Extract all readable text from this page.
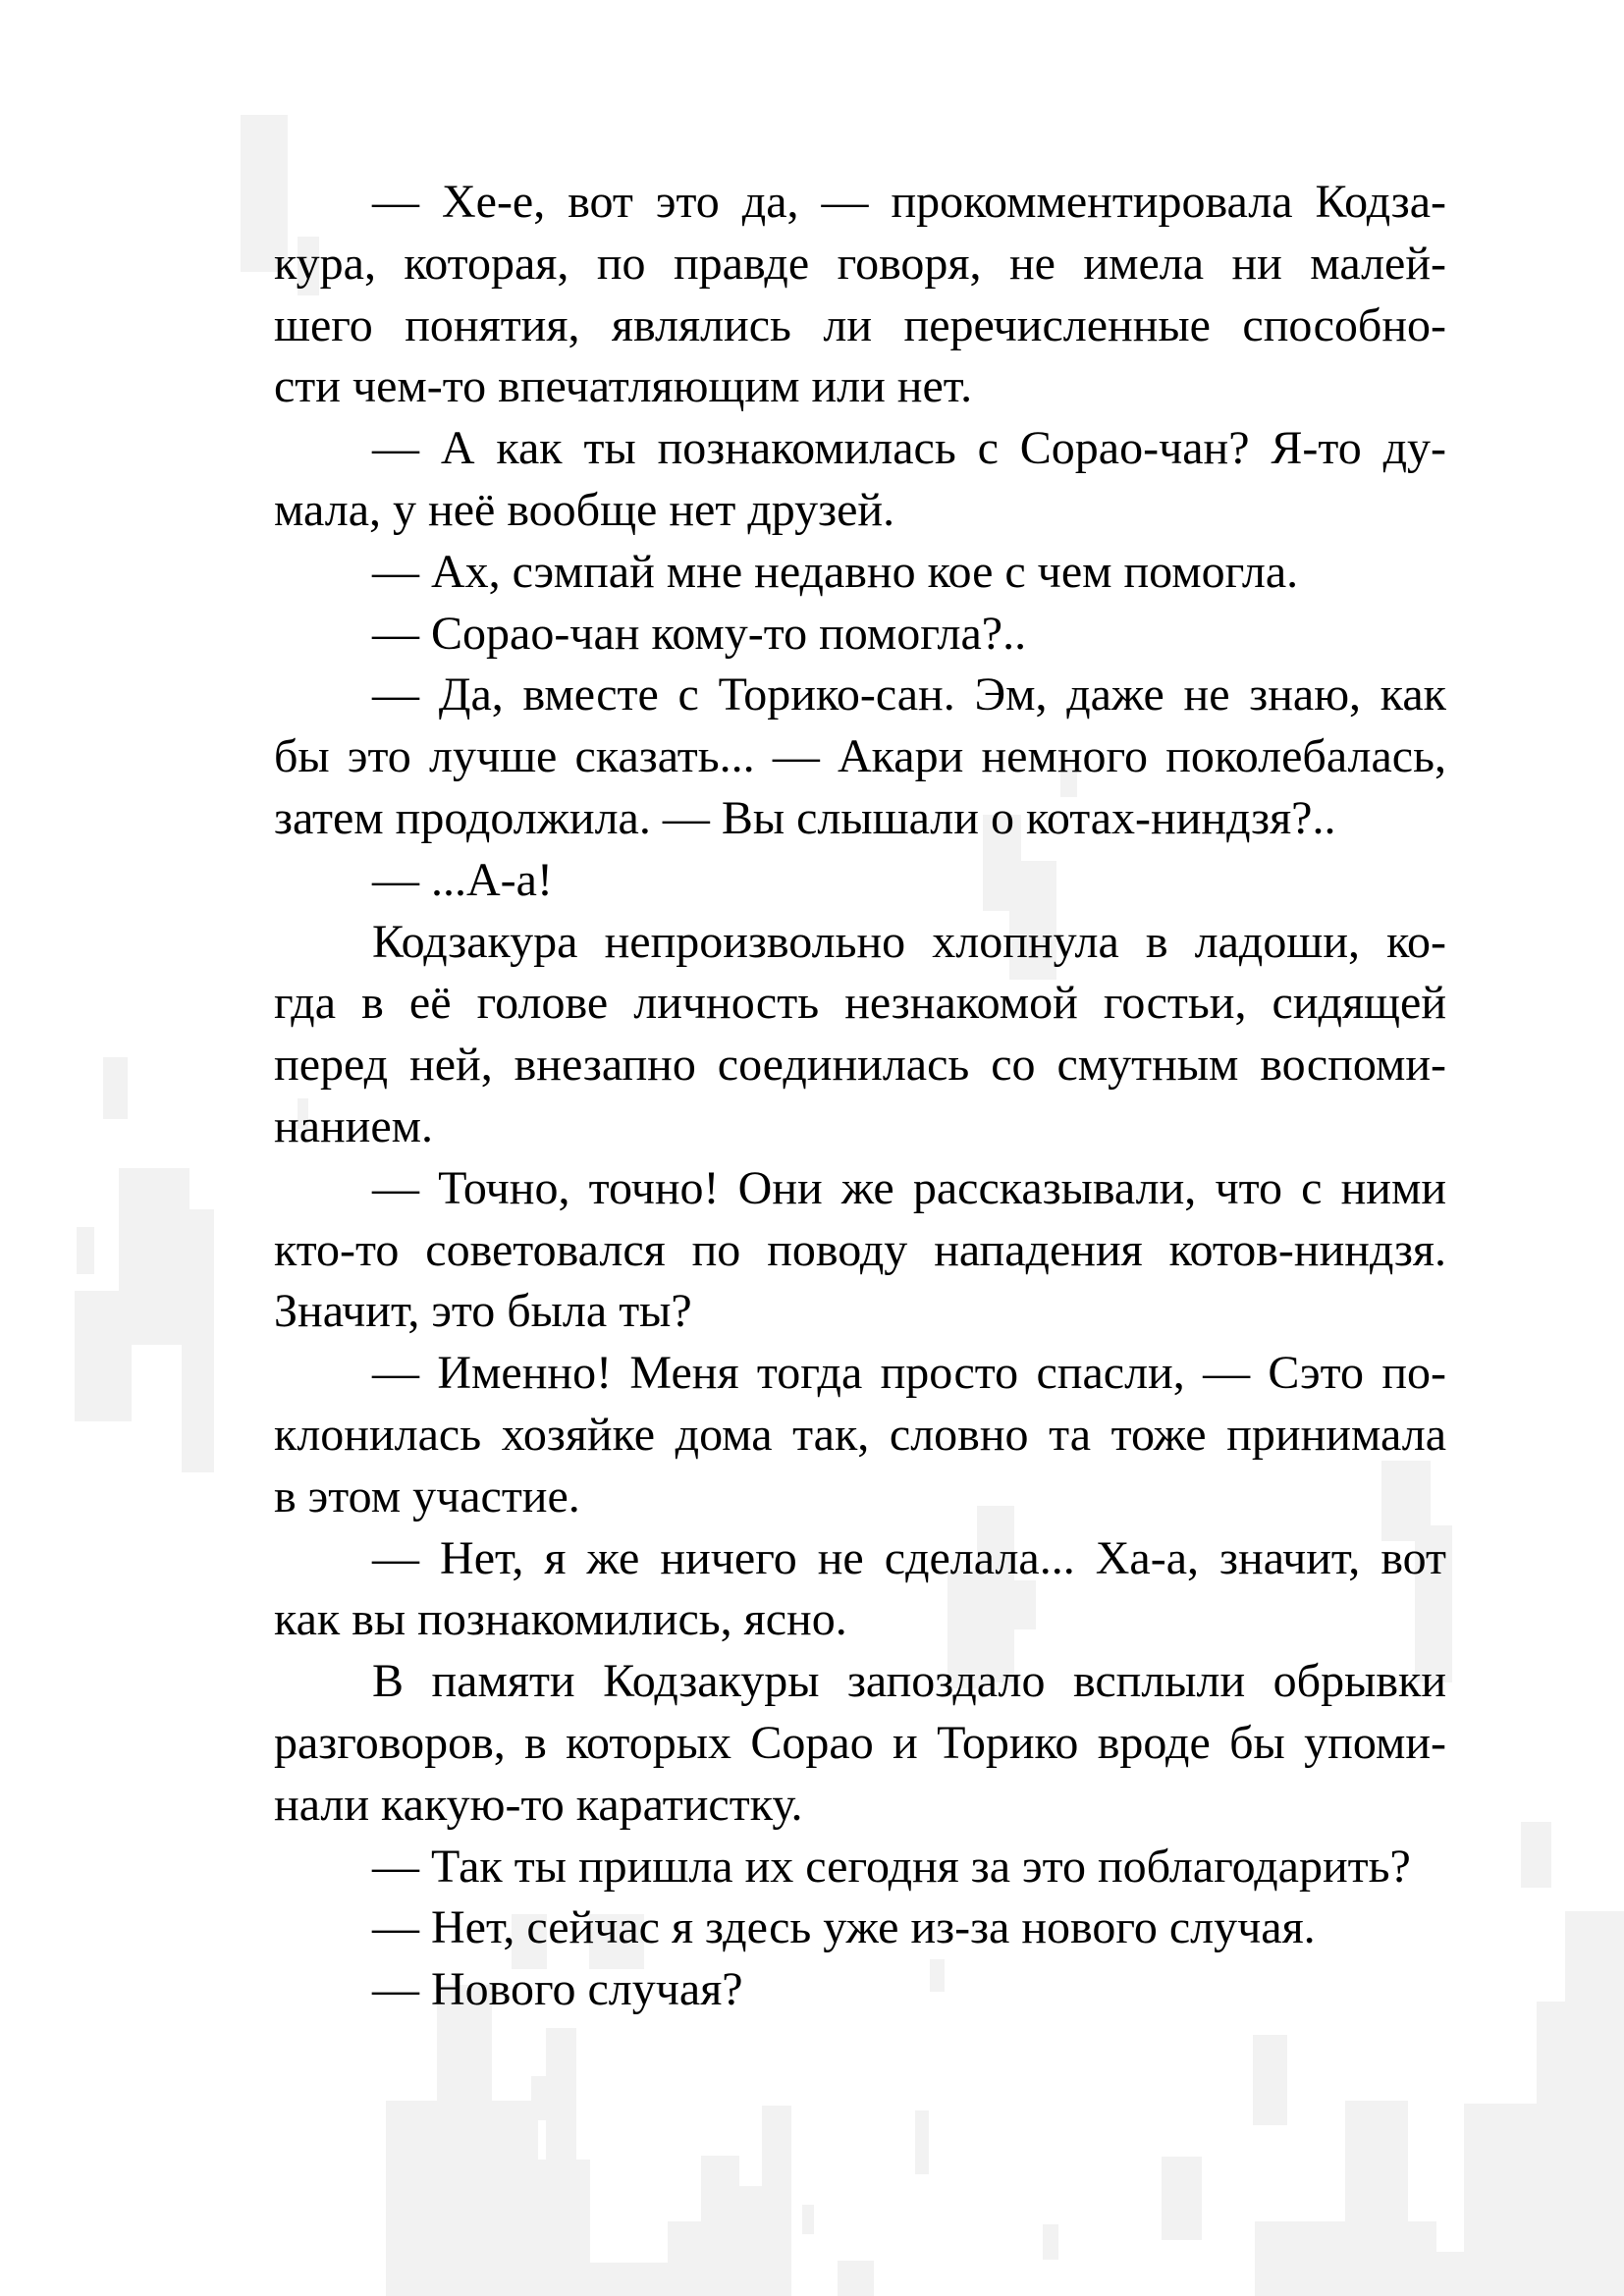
— Хе-е, вот это да, — прокомментировала Кодза-
кура, которая, по правде говоря, не имела ни малей-
шего понятия, являлись ли перечисленные способно-
сти чем-то впечатляющим или нет.
— А как ты познакомилась с Сорао-чан? Я-то ду-
мала, у неё вообще нет друзей.
— Ах, сэмпай мне недавно кое с чем помогла.
— Сорао-чан кому-то помогла?..
— Да, вместе с Торико-сан. Эм, даже не знаю, как
бы это лучше сказать... — Акари немного поколебалась,
затем продолжила. — Вы слышали о котах-ниндзя?..
— ...А-а!
Кодзакура непроизвольно хлопнула в ладоши, ко-
гда в её голове личность незнакомой гостьи, сидящей
перед ней, внезапно соединилась со смутным воспоми-
нанием.
— Точно, точно! Они же рассказывали, что с ними
кто-то советовался по поводу нападения котов-ниндзя.
Значит, это была ты?
— Именно! Меня тогда просто спасли, — Сэто по-
клонилась хозяйке дома так, словно та тоже принимала
в этом участие.
— Нет, я же ничего не сделала... Ха-а, значит, вот
как вы познакомились, ясно.
В памяти Кодзакуры запоздало всплыли обрывки
разговоров, в которых Сорао и Торико вроде бы упоми-
нали какую-то каратистку.
— Так ты пришла их сегодня за это поблагодарить?
— Нет, сейчас я здесь уже из-за нового случая.
— Нового случая?
